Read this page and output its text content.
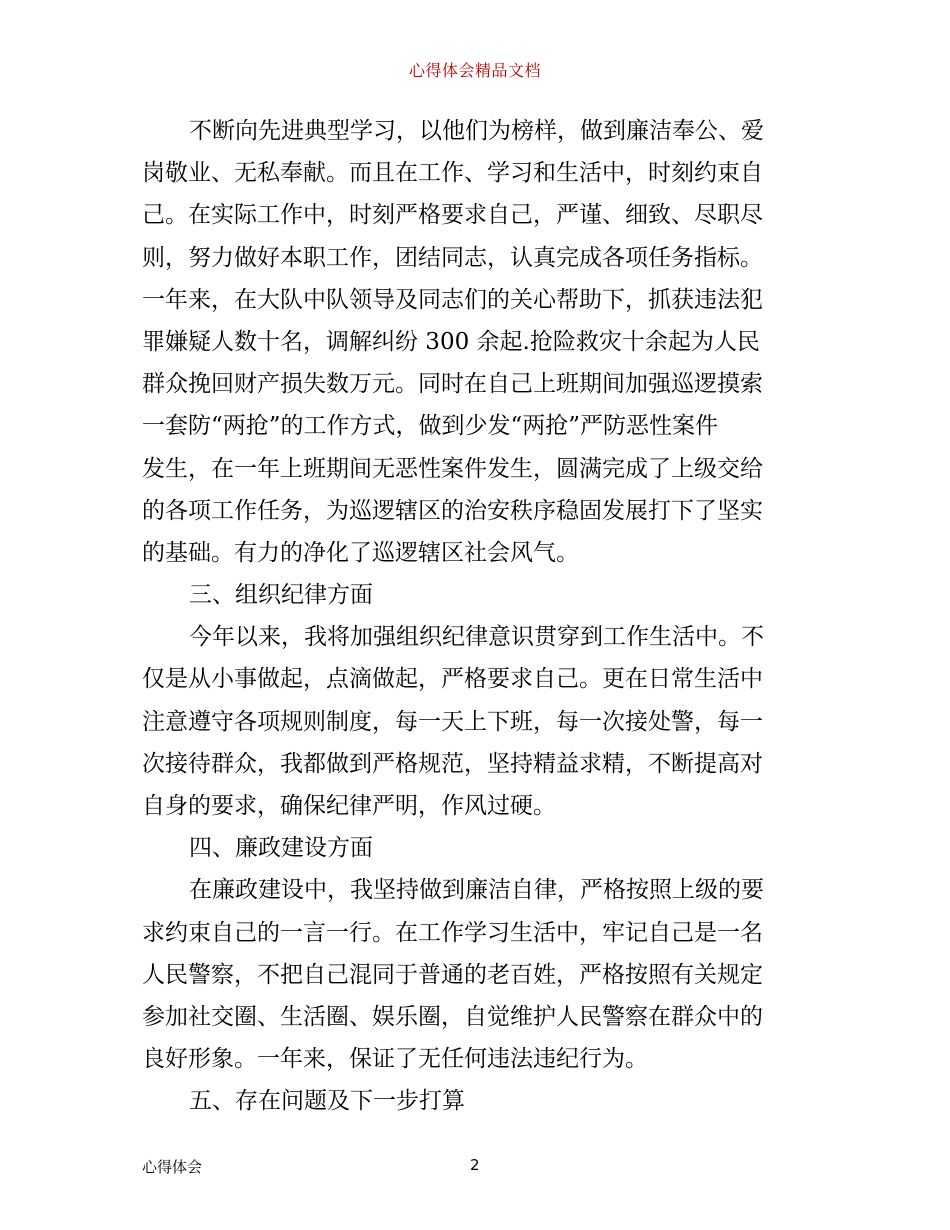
心得体会精品文档
不断向先进典型学习，以他们为榜样，做到廉洁奉公、爱
岗敬业、无私奉献。而且在工作、学习和生活中，时刻约束自
己。在实际工作中，时刻严格要求自己，严谨、细致、尽职尽
则，努力做好本职工作，团结同志，认真完成各项任务指标。
一年来，在大队中队领导及同志们的关心帮助下，抓获违法犯
罪嫌疑人数十名，调解纠纷 300 余起.抢险救灾十余起为人民
群众挽回财产损失数万元。同时在自己上班期间加强巡逻摸索
一套防“两抢”的工作方式，做到少发“两抢”严防恶性案件
发生，在一年上班期间无恶性案件发生，圆满完成了上级交给
的各项工作任务，为巡逻辖区的治安秩序稳固发展打下了坚实
的基础。有力的净化了巡逻辖区社会风气。
三、组织纪律方面
今年以来，我将加强组织纪律意识贯穿到工作生活中。不
仅是从小事做起，点滴做起，严格要求自己。更在日常生活中
注意遵守各项规则制度，每一天上下班，每一次接处警，每一
次接待群众，我都做到严格规范，坚持精益求精，不断提高对
自身的要求，确保纪律严明，作风过硬。
四、廉政建设方面
在廉政建设中，我坚持做到廉洁自律，严格按照上级的要
求约束自己的一言一行。在工作学习生活中，牢记自己是一名
人民警察，不把自己混同于普通的老百姓，严格按照有关规定
参加社交圈、生活圈、娱乐圈，自觉维护人民警察在群众中的
良好形象。一年来，保证了无任何违法违纪行为。
五、存在问题及下一步打算
心得体会	2
